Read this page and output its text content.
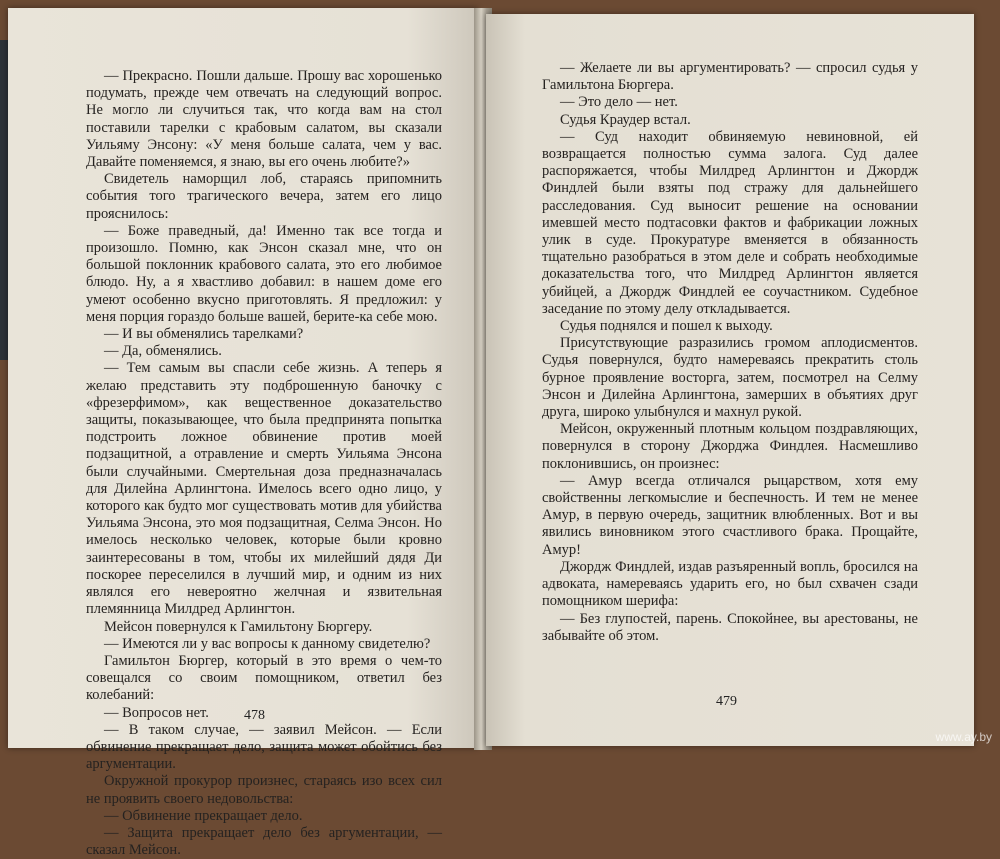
— Прекрасно. Пошли дальше. Прошу вас хорошенько подумать, прежде чем отвечать на следующий вопрос. Не могло ли случиться так, что когда вам на стол поставили тарелки с крабовым салатом, вы сказали Уильяму Энсону: «У меня больше салата, чем у вас. Давайте поменяемся, я знаю, вы его очень любите?»

Свидетель наморщил лоб, стараясь припомнить события того трагического вечера, затем его лицо прояснилось:

— Боже праведный, да! Именно так все тогда и произошло. Помню, как Энсон сказал мне, что он большой поклонник крабового салата, это его любимое блюдо. Ну, а я хвастливо добавил: в нашем доме его умеют особенно вкусно приготовлять. Я предложил: у меня порция гораздо больше вашей, берите-ка себе мою.

— И вы обменялись тарелками?

— Да, обменялись.

— Тем самым вы спасли себе жизнь. А теперь я желаю представить эту подброшенную баночку с «фрезерфимом», как вещественное доказательство защиты, показывающее, что была предпринята попытка подстроить ложное обвинение против моей подзащитной, а отравление и смерть Уильяма Энсона были случайными. Смертельная доза предназначалась для Дилейна Арлингтона. Имелось всего одно лицо, у которого как будто мог существовать мотив для убийства Уильяма Энсона, это моя подзащитная, Селма Энсон. Но имелось несколько человек, которые были кровно заинтересованы в том, чтобы их милейший дядя Ди поскорее переселился в лучший мир, и одним из них являлся его невероятно желчная и язвительная племянница Милдред Арлингтон.

Мейсон повернулся к Гамильтону Бюргеру.

— Имеются ли у вас вопросы к данному свидетелю?

Гамильтон Бюргер, который в это время о чем-то совещался со своим помощником, ответил без колебаний:

— Вопросов нет.

— В таком случае, — заявил Мейсон. — Если обвинение прекращает дело, защита может обойтись без аргументации.

Окружной прокурор произнес, стараясь изо всех сил не проявить своего недовольства:

— Обвинение прекращает дело.

— Защита прекращает дело без аргументации, — сказал Мейсон.

478

— Желаете ли вы аргументировать? — спросил судья у Гамильтона Бюргера.

— Это дело — нет.

Судья Краудер встал.

— Суд находит обвиняемую невиновной, ей возвращается полностью сумма залога. Суд далее распоряжается, чтобы Милдред Арлингтон и Джордж Финдлей были взяты под стражу для дальнейшего расследования. Суд выносит решение на основании имевшей место подтасовки фактов и фабрикации ложных улик в суде. Прокуратуре вменяется в обязанность тщательно разобраться в этом деле и собрать необходимые доказательства того, что Милдред Арлингтон является убийцей, а Джордж Финдлей ее соучастником. Судебное заседание по этому делу откладывается.

Судья поднялся и пошел к выходу.

Присутствующие разразились громом аплодисментов. Судья повернулся, будто намереваясь прекратить столь бурное проявление восторга, затем, посмотрел на Селму Энсон и Дилейна Арлингтона, замерших в объятиях друг друга, широко улыбнулся и махнул рукой.

Мейсон, окруженный плотным кольцом поздравляющих, повернулся в сторону Джорджа Финдлея. Насмешливо поклонившись, он произнес:

— Амур всегда отличался рыцарством, хотя ему свойственны легкомыслие и беспечность. И тем не менее Амур, в первую очередь, защитник влюбленных. Вот и вы явились виновником этого счастливого брака. Прощайте, Амур!

Джордж Финдлей, издав разъяренный вопль, бросился на адвоката, намереваясь ударить его, но был схвачен сзади помощником шерифа:

— Без глупостей, парень. Спокойнее, вы арестованы, не забывайте об этом.

479
www.ay.by
